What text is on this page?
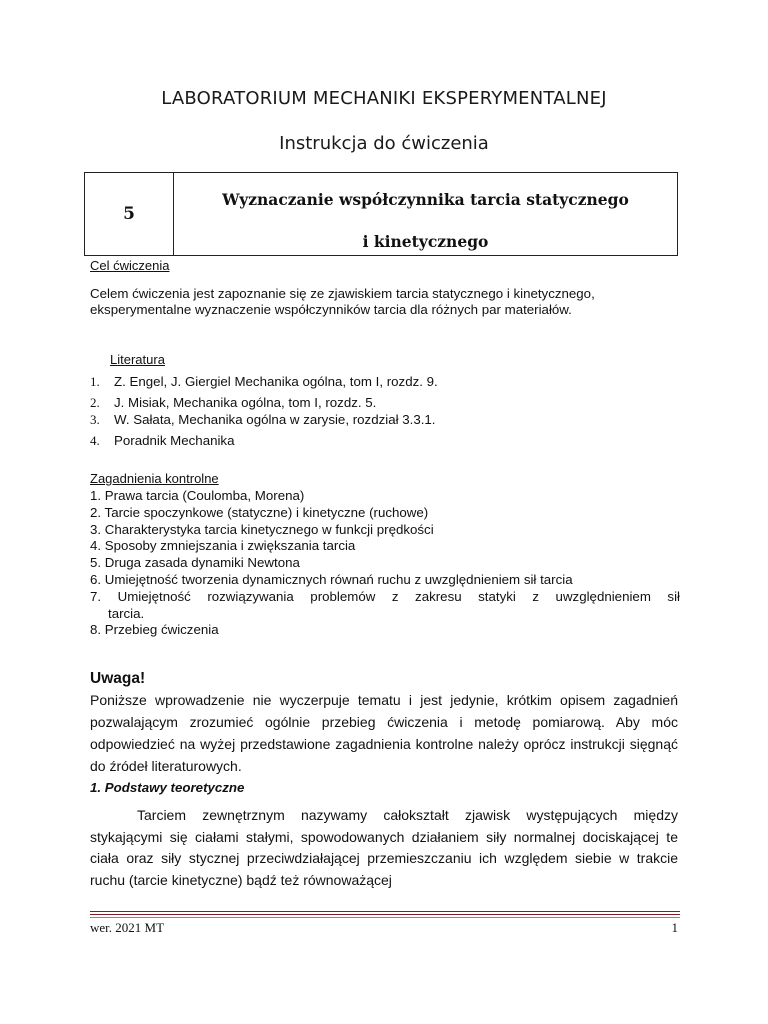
LABORATORIUM MECHANIKI EKSPERYMENTALNEJ
Instrukcja do ćwiczenia
5
Wyznaczanie współczynnika tarcia statycznego
i kinetycznego
Cel ćwiczenia
Celem ćwiczenia jest zapoznanie się ze zjawiskiem tarcia statycznego i kinetycznego,
eksperymentalne wyznaczenie współczynników tarcia dla różnych par materiałów.
Literatura
1. Z. Engel, J. Giergiel Mechanika ogólna, tom I, rozdz. 9.
2. J. Misiak, Mechanika ogólna, tom I, rozdz. 5.
3. W. Sałata, Mechanika ogólna w zarysie, rozdział 3.3.1.
4. Poradnik Mechanika
Zagadnienia kontrolne
1. Prawa tarcia (Coulomba, Morena)
2. Tarcie spoczynkowe (statyczne) i kinetyczne (ruchowe)
3. Charakterystyka tarcia kinetycznego w funkcji prędkości
4. Sposoby zmniejszania i zwiększania tarcia
5. Druga zasada dynamiki Newtona
6. Umiejętność tworzenia dynamicznych równań ruchu z uwzględnieniem sił tarcia
7. Umiejętność rozwiązywania problemów z zakresu statyki z uwzględnieniem sił
tarcia.
8. Przebieg ćwiczenia
Uwaga!

Poniższe wprowadzenie nie wyczerpuje tematu i jest jedynie, krótkim opisem zagadnień pozwalającym zrozumieć ogólnie przebieg ćwiczenia i metodę pomiarową. Aby móc odpowiedzieć na wyżej przedstawione zagadnienia kontrolne należy oprócz instrukcji sięgnąć do źródeł literaturowych.

1. Podstawy teoretyczne

Tarciem zewnętrznym nazywamy całokształt zjawisk występujących między stykającymi się ciałami stałymi, spowodowanych działaniem siły normalnej dociskającej te ciała oraz siły stycznej przeciwdziałającej przemieszczaniu ich względem siebie w trakcie ruchu (tarcie kinetyczne) bądź też równoważącej

wer. 2021 MT	1
